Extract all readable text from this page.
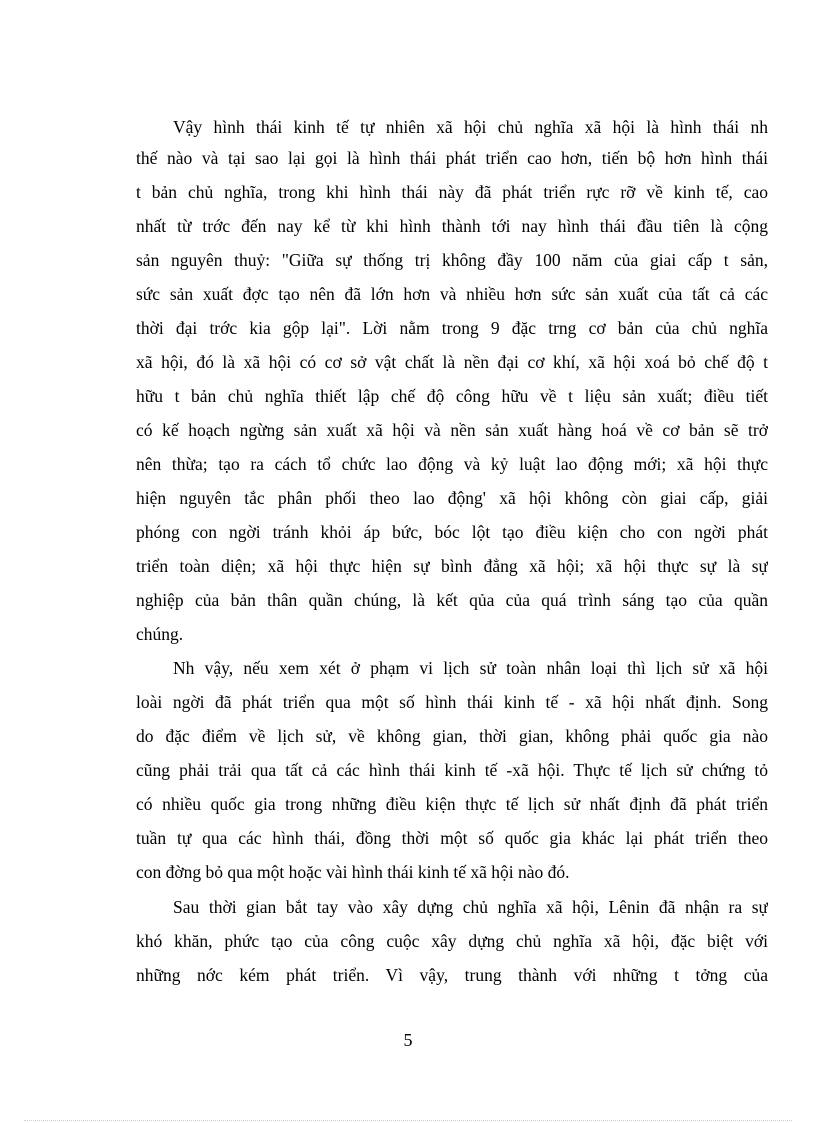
Vậy hình thái kinh tế tự nhiên xã hội chủ nghĩa xã hội là hình thái nh
thế nào và tại sao lại gọi là hình thái phát triển cao hơn, tiến bộ hơn hình thái
t bản chủ nghĩa, trong khi hình thái này đã phát triển rực rỡ về kinh tế, cao
nhất từ trớc đến nay kể từ khi hình thành tới nay hình thái đầu tiên là cộng
sản nguyên thuỷ: "Giữa sự thống trị không đầy 100 năm của giai cấp t sản,
sức sản xuất đợc tạo nên đã lớn hơn và nhiều hơn sức sản xuất của tất cả các
thời đại trớc kia gộp lại". Lời nằm trong 9 đặc trng cơ bản của chủ nghĩa
xã hội, đó là xã hội có cơ sở vật chất là nền đại cơ khí, xã hội xoá bỏ chế độ t
hữu t bản chủ nghĩa thiết lập chế độ công hữu về t liệu sản xuất; điều tiết
có kế hoạch ngừng sản xuất xã hội và nền sản xuất hàng hoá về cơ bản sẽ trở
nên thừa; tạo ra cách tổ chức lao động và kỷ luật lao động mới; xã hội thực
hiện nguyên tắc phân phối theo lao động' xã hội không còn giai cấp, giải
phóng con ngời tránh khỏi áp bức, bóc lột tạo điều kiện cho con ngời phát
triển toàn diện; xã hội thực hiện sự bình đẳng xã hội; xã hội thực sự là sự
nghiệp của bản thân quần chúng, là kết qủa của quá trình sáng tạo của quần
chúng.
Nh vậy, nếu xem xét ở phạm vi lịch sử toàn nhân loại thì lịch sử xã hội
loài ngời đã phát triển qua một số hình thái kinh tế - xã hội nhất định. Song
do đặc điểm về lịch sử, về không gian, thời gian, không phải quốc gia nào
cũng phải trải qua tất cả các hình thái kinh tế -xã hội. Thực tế lịch sử chứng tỏ
có nhiều quốc gia trong những điều kiện thực tế lịch sử nhất định đã phát triển
tuần tự qua các hình thái, đồng thời một số quốc gia khác lại phát triển theo
con đờng bỏ qua một hoặc vài hình thái kinh tế xã hội nào đó.
Sau thời gian bắt tay vào xây dựng chủ nghĩa xã hội, Lênin đã nhận ra sự
khó khăn, phức tạo của công cuộc xây dựng chủ nghĩa xã hội, đặc biệt với
những nớc kém phát triển. Vì vậy, trung thành với những t tởng của
5
